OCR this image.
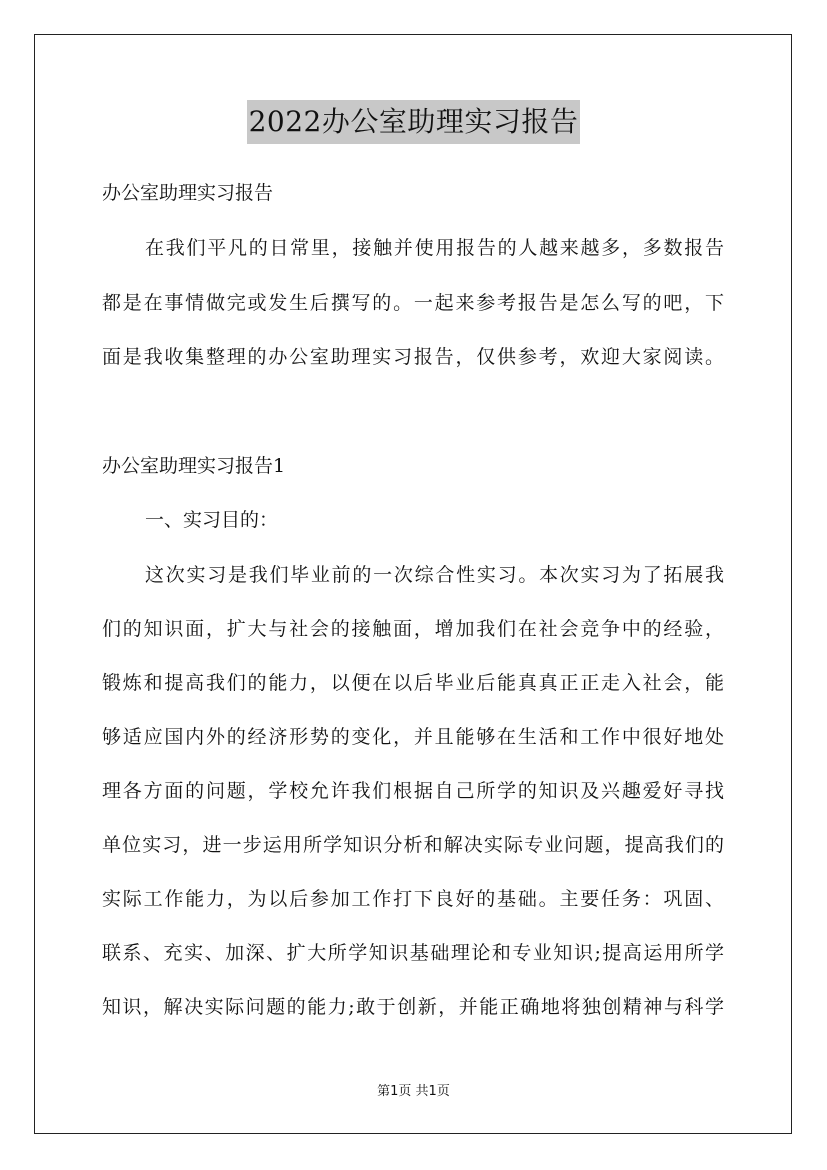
2022办公室助理实习报告
办公室助理实习报告
在我们平凡的日常里，接触并使用报告的人越来越多，多数报告
都是在事情做完或发生后撰写的。一起来参考报告是怎么写的吧，下
面是我收集整理的办公室助理实习报告，仅供参考，欢迎大家阅读。
办公室助理实习报告1
一、实习目的：
这次实习是我们毕业前的一次综合性实习。本次实习为了拓展我
们的知识面，扩大与社会的接触面，增加我们在社会竞争中的经验，
锻炼和提高我们的能力，以便在以后毕业后能真真正正走入社会，能
够适应国内外的经济形势的变化，并且能够在生活和工作中很好地处
理各方面的问题，学校允许我们根据自己所学的知识及兴趣爱好寻找
单位实习，进一步运用所学知识分析和解决实际专业问题，提高我们的
实际工作能力，为以后参加工作打下良好的基础。主要任务：巩固、
联系、充实、加深、扩大所学知识基础理论和专业知识;提高运用所学
知识，解决实际问题的能力;敢于创新，并能正确地将独创精神与科学
第1页 共1页
